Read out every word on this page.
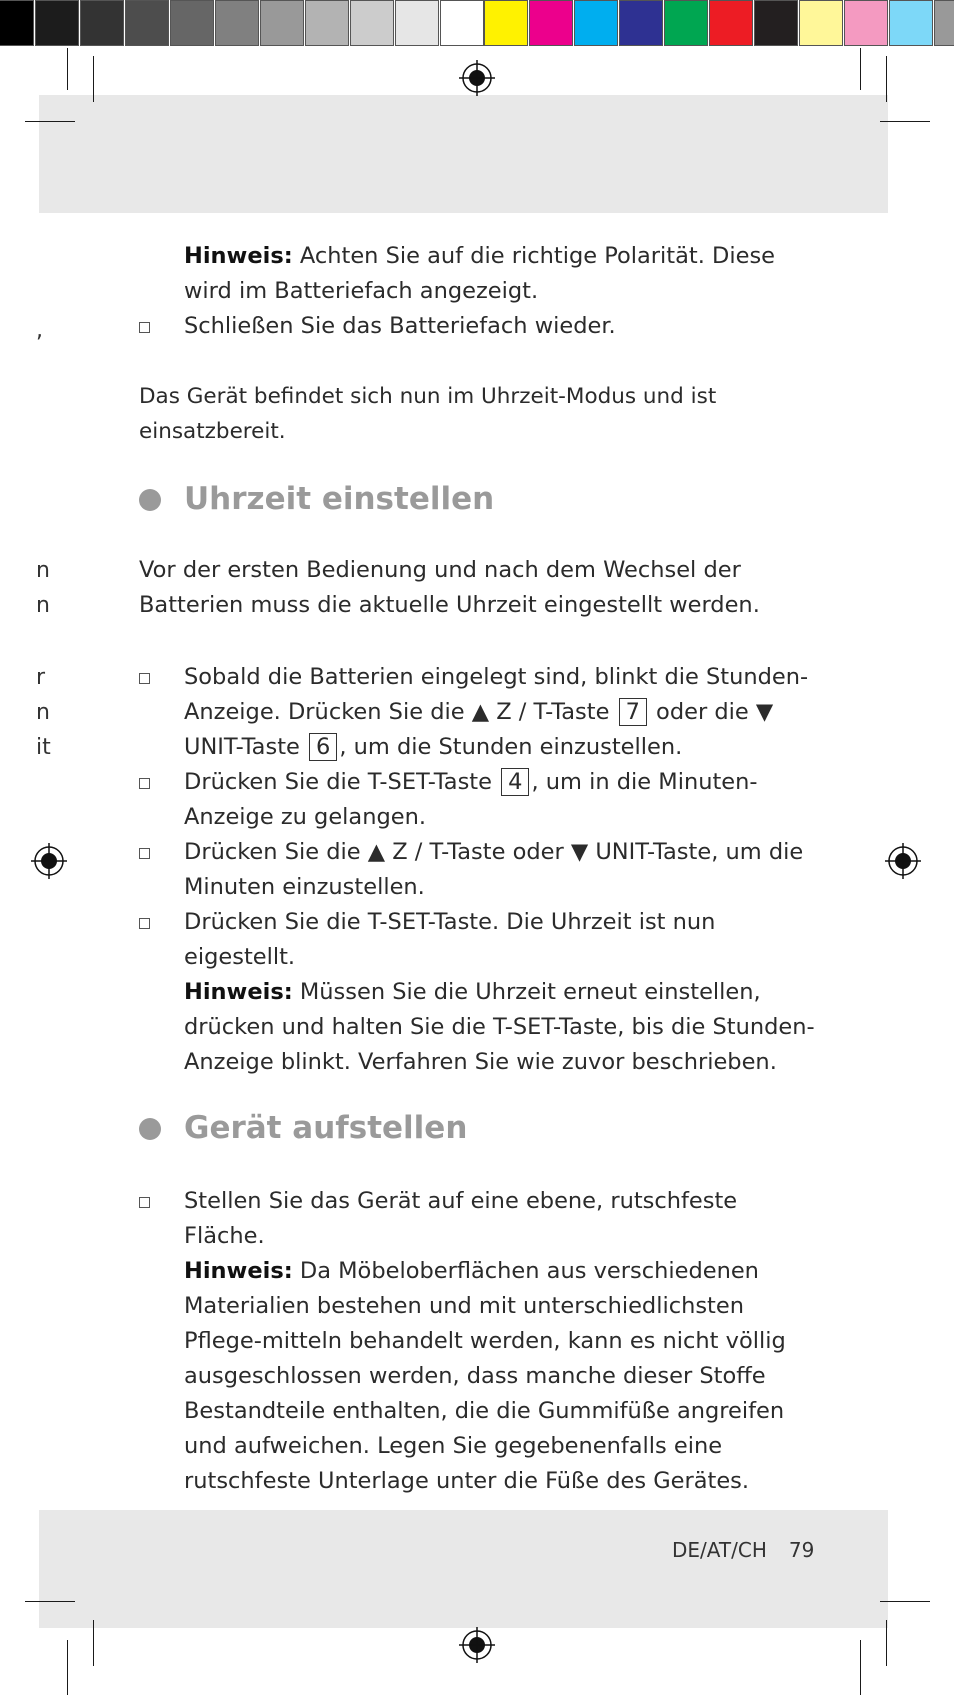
,
n
n
r
n
it
Hinweis: Achten Sie auf die richtige Polarität. Diese wird im Batteriefach angezeigt.
Schließen Sie das Batteriefach wieder.
Das Gerät befindet sich nun im Uhrzeit-Modus und ist einsatzbereit.
Uhrzeit einstellen
Vor der ersten Bedienung und nach dem Wechsel der Batterien muss die aktuelle Uhrzeit eingestellt werden.
Sobald die Batterien eingelegt sind, blinkt die Stunden-Anzeige. Drücken Sie die ▲ Z / T-Taste 7 oder die ▼ UNIT-Taste 6 , um die Stunden einzustellen.
Drücken Sie die T-SET-Taste 4 , um in die Minuten-Anzeige zu gelangen.
Drücken Sie die ▲ Z / T-Taste oder ▼ UNIT-Taste, um die Minuten einzustellen.
Drücken Sie die T-SET-Taste. Die Uhrzeit ist nun eigestellt.
Hinweis: Müssen Sie die Uhrzeit erneut einstellen, drücken und halten Sie die T-SET-Taste, bis die Stunden-Anzeige blinkt. Verfahren Sie wie zuvor beschrieben.
Gerät aufstellen
Stellen Sie das Gerät auf eine ebene, rutschfeste Fläche.
Hinweis: Da Möbeloberflächen aus verschiedenen Materialien bestehen und mit unterschiedlichsten Pflege-mitteln behandelt werden, kann es nicht völlig ausgeschlossen werden, dass manche dieser Stoffe Bestandteile enthalten, die die Gummifüße angreifen und aufweichen. Legen Sie gegebenenfalls eine rutschfeste Unterlage unter die Füße des Gerätes.
DE/AT/CH 79
